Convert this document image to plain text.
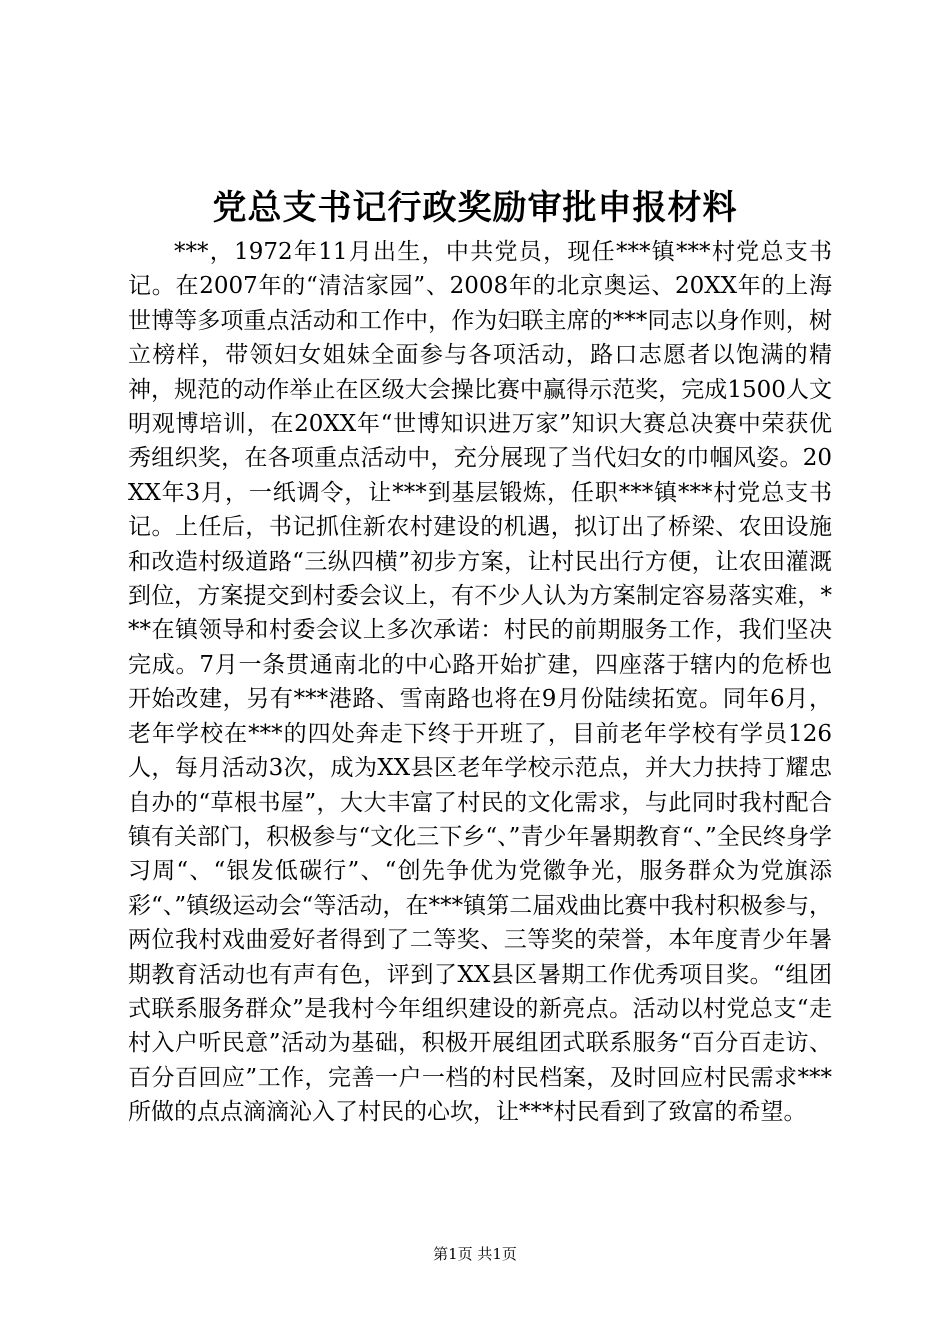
党总支书记行政奖励审批申报材料

***，1972年11月出生，中共党员，现任***镇***村党总支书记。在2007年的“清洁家园”、2008年的北京奥运、20XX年的上海世博等多项重点活动和工作中，作为妇联主席的***同志以身作则，树立榜样，带领妇女姐妹全面参与各项活动，路口志愿者以饱满的精神，规范的动作举止在区级大会操比赛中赢得示范奖，完成1500人文明观博培训，在20XX年“世博知识进万家”知识大赛总决赛中荣获优秀组织奖，在各项重点活动中，充分展现了当代妇女的巾帼风姿。20XX年3月，一纸调令，让***到基层锻炼，任职***镇***村党总支书记。上任后，书记抓住新农村建设的机遇，拟订出了桥梁、农田设施和改造村级道路“三纵四横”初步方案，让村民出行方便，让农田灌溉到位，方案提交到村委会议上，有不少人认为方案制定容易落实难，***在镇领导和村委会议上多次承诺：村民的前期服务工作，我们坚决完成。7月一条贯通南北的中心路开始扩建，四座落于辖内的危桥也开始改建，另有***港路、雪南路也将在9月份陆续拓宽。同年6月，老年学校在***的四处奔走下终于开班了，目前老年学校有学员126人，每月活动3次，成为XX县区老年学校示范点，并大力扶持丁耀忠自办的“草根书屋”，大大丰富了村民的文化需求，与此同时我村配合镇有关部门，积极参与“文化三下乡“、”青少年暑期教育“、”全民终身学习周“、“银发低碳行”、“创先争优为党徽争光，服务群众为党旗添彩“、”镇级运动会“等活动，在***镇第二届戏曲比赛中我村积极参与，两位我村戏曲爱好者得到了二等奖、三等奖的荣誉，本年度青少年暑期教育活动也有声有色，评到了XX县区暑期工作优秀项目奖。“组团式联系服务群众”是我村今年组织建设的新亮点。活动以村党总支“走村入户听民意”活动为基础，积极开展组团式联系服务“百分百走访、百分百回应”工作，完善一户一档的村民档案，及时回应村民需求***所做的点点滴滴沁入了村民的心坎，让***村民看到了致富的希望。

第1页 共1页
